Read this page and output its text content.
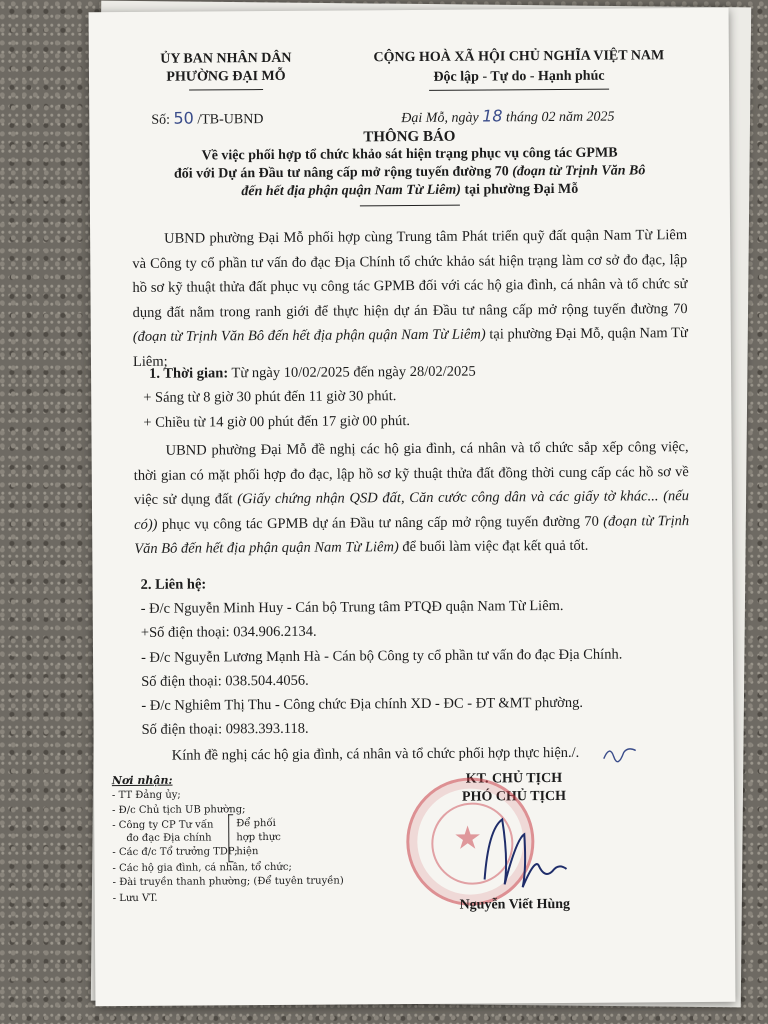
ỦY BAN NHÂN DÂN
PHƯỜNG ĐẠI MỖ
CỘNG HOÀ XÃ HỘI CHỦ NGHĨA VIỆT NAM
Độc lập - Tự do - Hạnh phúc
Số: 50 /TB-UBND	Đại Mỗ, ngày 18 tháng 02 năm 2025
THÔNG BÁO
Về việc phối hợp tổ chức khảo sát hiện trạng phục vụ công tác GPMB
đối với Dự án Đầu tư nâng cấp mở rộng tuyến đường 70 (đoạn từ Trịnh Văn Bô
đến hết địa phận quận Nam Từ Liêm) tại phường Đại Mỗ
UBND phường Đại Mỗ phối hợp cùng Trung tâm Phát triển quỹ đất quận Nam Từ Liêm và Công ty cổ phần tư vấn đo đạc Địa Chính tổ chức khảo sát hiện trạng làm cơ sở đo đạc, lập hồ sơ kỹ thuật thửa đất phục vụ công tác GPMB đối với các hộ gia đình, cá nhân và tổ chức sử dụng đất nằm trong ranh giới để thực hiện dự án Đầu tư nâng cấp mở rộng tuyến đường 70 (đoạn từ Trịnh Văn Bô đến hết địa phận quận Nam Từ Liêm) tại phường Đại Mỗ, quận Nam Từ Liêm;
1. Thời gian: Từ ngày 10/02/2025 đến ngày 28/02/2025
+ Sáng từ 8 giờ 30 phút đến 11 giờ 30 phút.
+ Chiều từ 14 giờ 00 phút đến 17 giờ 00 phút.
UBND phường Đại Mỗ đề nghị các hộ gia đình, cá nhân và tổ chức sắp xếp công việc, thời gian có mặt phối hợp đo đạc, lập hồ sơ kỹ thuật thửa đất đồng thời cung cấp các hồ sơ về việc sử dụng đất (Giấy chứng nhận QSD đất, Căn cước công dân và các giấy tờ khác... (nếu có)) phục vụ công tác GPMB dự án Đầu tư nâng cấp mở rộng tuyến đường 70 (đoạn từ Trịnh Văn Bô đến hết địa phận quận Nam Từ Liêm) để buổi làm việc đạt kết quả tốt.
2. Liên hệ:
- Đ/c Nguyễn Minh Huy - Cán bộ Trung tâm PTQĐ quận Nam Từ Liêm.
+Số điện thoại: 034.906.2134.
- Đ/c Nguyễn Lương Mạnh Hà - Cán bộ Công ty cổ phần tư vấn đo đạc Địa Chính.
Số điện thoại: 038.504.4056.
- Đ/c Nghiêm Thị Thu - Công chức Địa chính XD - ĐC - ĐT &MT phường.
Số điện thoại: 0983.393.118.
Kính đề nghị các hộ gia đình, cá nhân và tổ chức phối hợp thực hiện./.
Nơi nhận:
- TT Đảng ủy;
- Đ/c Chủ tịch UB phường;
- Công ty CP Tư vấn
đo đạc Địa chính
- Các đ/c Tổ trưởng TDP;
- Các hộ gia đình, cá nhân, tổ chức;
- Đài truyền thanh phường; (Để tuyên truyền)
- Lưu VT.
Để phối
hợp thực
hiện
KT. CHỦ TỊCH
PHÓ CHỦ TỊCH
★
Nguyễn Viết Hùng
